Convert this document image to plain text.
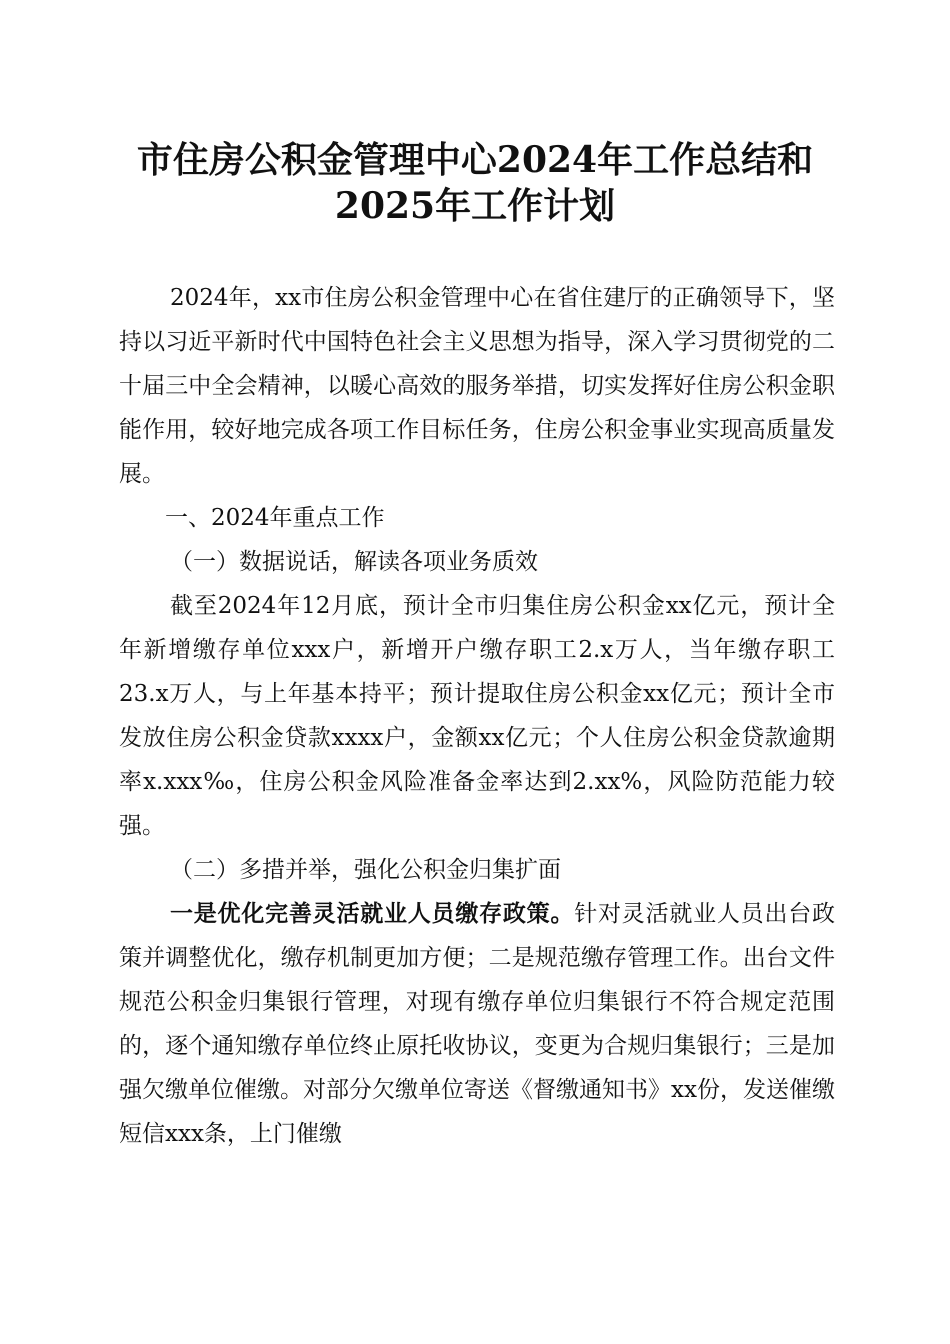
市住房公积金管理中心2024年工作总结和
2025年工作计划

2024年，xx市住房公积金管理中心在省住建厅的正确领导下，坚持以习近平新时代中国特色社会主义思想为指导，深入学习贯彻党的二十届三中全会精神，以暖心高效的服务举措，切实发挥好住房公积金职能作用，较好地完成各项工作目标任务，住房公积金事业实现高质量发展。

一、2024年重点工作

（一）数据说话，解读各项业务质效

截至2024年12月底，预计全市归集住房公积金xx亿元，预计全年新增缴存单位xxx户，新增开户缴存职工2.x万人，当年缴存职工23.x万人，与上年基本持平；预计提取住房公积金xx亿元；预计全市发放住房公积金贷款xxxx户，金额xx亿元；个人住房公积金贷款逾期率x.xxx‰，住房公积金风险准备金率达到2.xx%，风险防范能力较强。

（二）多措并举，强化公积金归集扩面

一是优化完善灵活就业人员缴存政策。针对灵活就业人员出台政策并调整优化，缴存机制更加方便；二是规范缴存管理工作。出台文件规范公积金归集银行管理，对现有缴存单位归集银行不符合规定范围的，逐个通知缴存单位终止原托收协议，变更为合规归集银行；三是加强欠缴单位催缴。对部分欠缴单位寄送《督缴通知书》xx份，发送催缴短信xxx条，上门催缴
